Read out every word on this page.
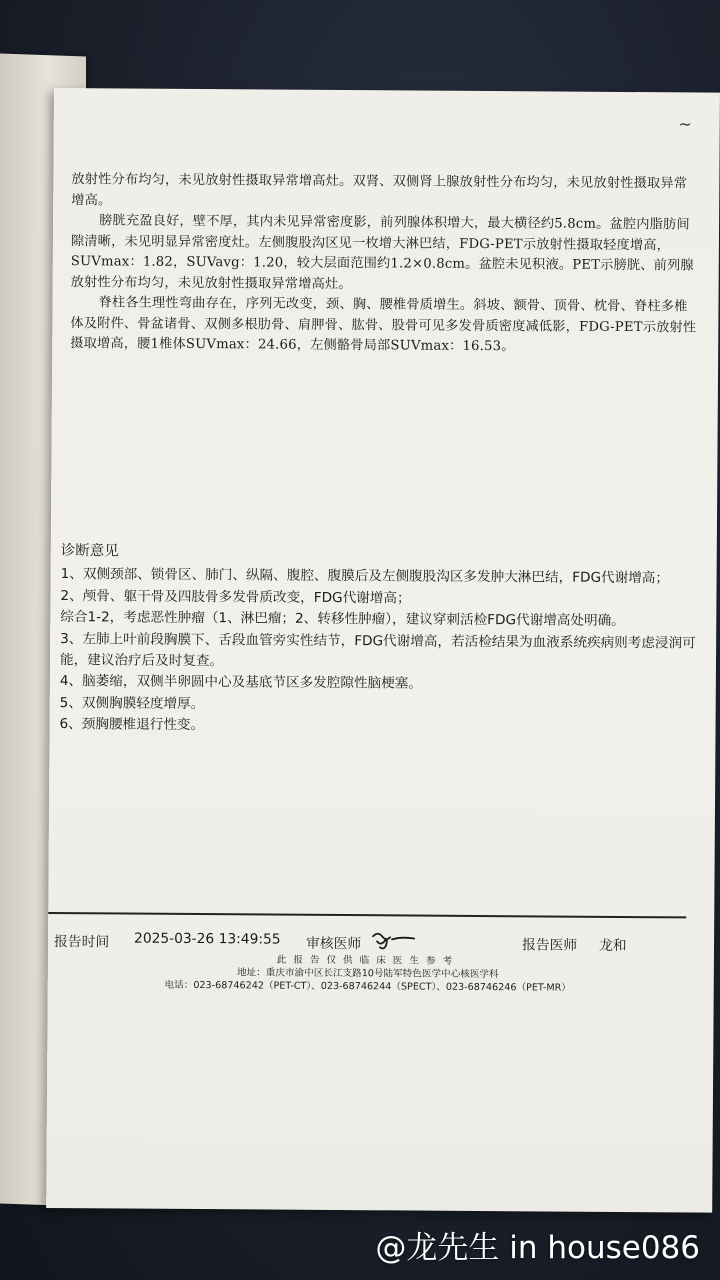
~

放射性分布均匀，未见放射性摄取异常增高灶。双肾、双侧肾上腺放射性分布均匀，未见放射性摄取异常增高。

膀胱充盈良好，壁不厚，其内未见异常密度影，前列腺体积增大，最大横径约5.8cm。盆腔内脂肪间隙清晰，未见明显异常密度灶。左侧腹股沟区见一枚增大淋巴结，FDG-PET示放射性摄取轻度增高，SUVmax：1.82，SUVavg：1.20，较大层面范围约1.2×0.8cm。盆腔未见积液。PET示膀胱、前列腺放射性分布均匀，未见放射性摄取异常增高灶。

脊柱各生理性弯曲存在，序列无改变，颈、胸、腰椎骨质增生。斜坡、额骨、顶骨、枕骨、脊柱多椎体及附件、骨盆诸骨、双侧多根肋骨、肩胛骨、肱骨、股骨可见多发骨质密度减低影，FDG-PET示放射性摄取增高，腰1椎体SUVmax：24.66，左侧骼骨局部SUVmax：16.53。

诊断意见
1、双侧颈部、锁骨区、肺门、纵隔、腹腔、腹膜后及左侧腹股沟区多发肿大淋巴结，FDG代谢增高；
2、颅骨、躯干骨及四肢骨多发骨质改变，FDG代谢增高；
综合1-2，考虑恶性肿瘤（1、淋巴瘤；2、转移性肿瘤），建议穿刺活检FDG代谢增高处明确。
3、左肺上叶前段胸膜下、舌段血管旁实性结节，FDG代谢增高，若活检结果为血液系统疾病则考虑浸润可能，建议治疗后及时复查。
4、脑萎缩，双侧半卵圆中心及基底节区多发腔隙性脑梗塞。
5、双侧胸膜轻度增厚。
6、颈胸腰椎退行性变。
报告时间 2025-03-26 13:49:55 审核医师	报告医师 龙和
此报告仅供临床医生参考
地址：重庆市渝中区长江支路10号陆军特色医学中心核医学科
电话：023-68746242（PET-CT）、023-68746244（SPECT）、023-68746246（PET-MR）
@龙先生 in house086
